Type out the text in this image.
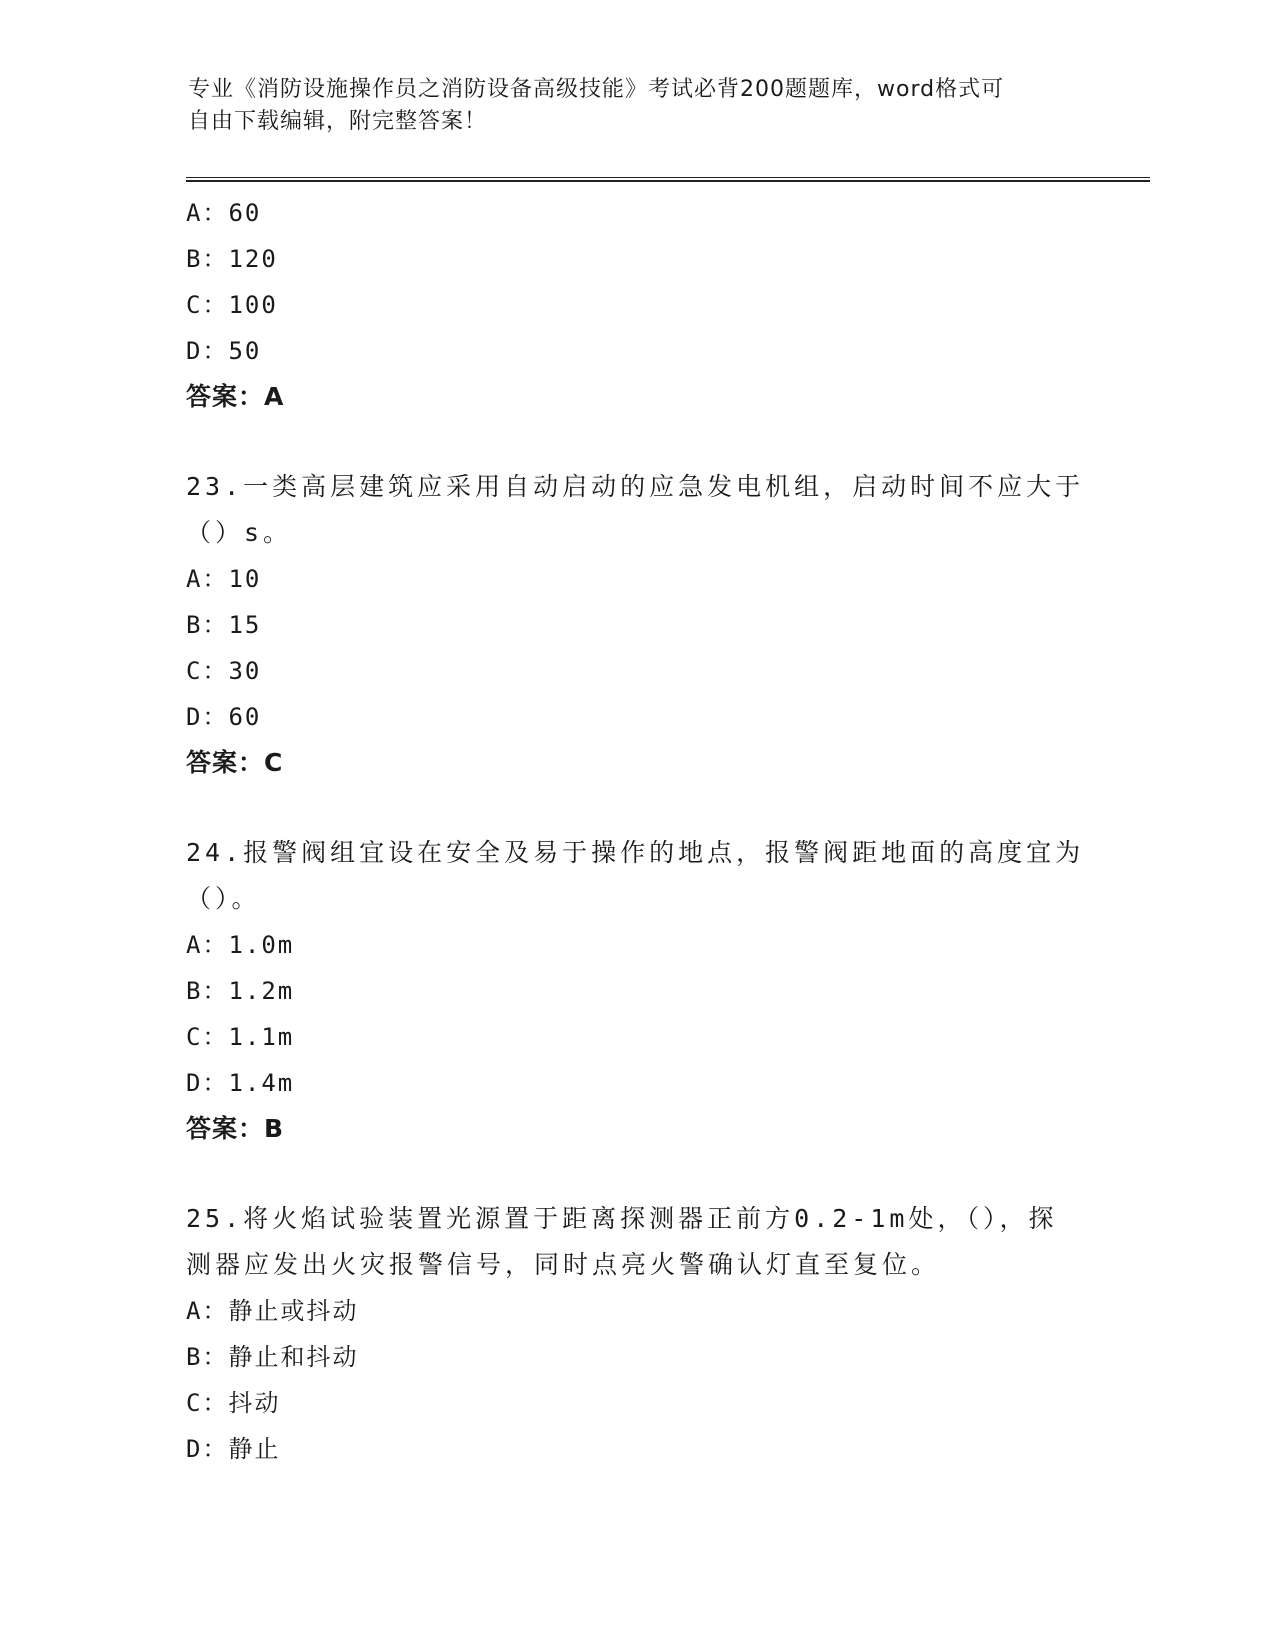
专业《消防设施操作员之消防设备高级技能》考试必背200题题库，word格式可
自由下载编辑，附完整答案！
A：60
B：120
C：100
D：50
答案：A
23.一类高层建筑应采用自动启动的应急发电机组，启动时间不应大于
（）s。
A：10
B：15
C：30
D：60
答案：C
24.报警阀组宜设在安全及易于操作的地点，报警阀距地面的高度宜为
（）。
A：1.0m
B：1.2m
C：1.1m
D：1.4m
答案：B
25.将火焰试验装置光源置于距离探测器正前方0.2-1m处，（），探
测器应发出火灾报警信号，同时点亮火警确认灯直至复位。
A：静止或抖动
B：静止和抖动
C：抖动
D：静止
